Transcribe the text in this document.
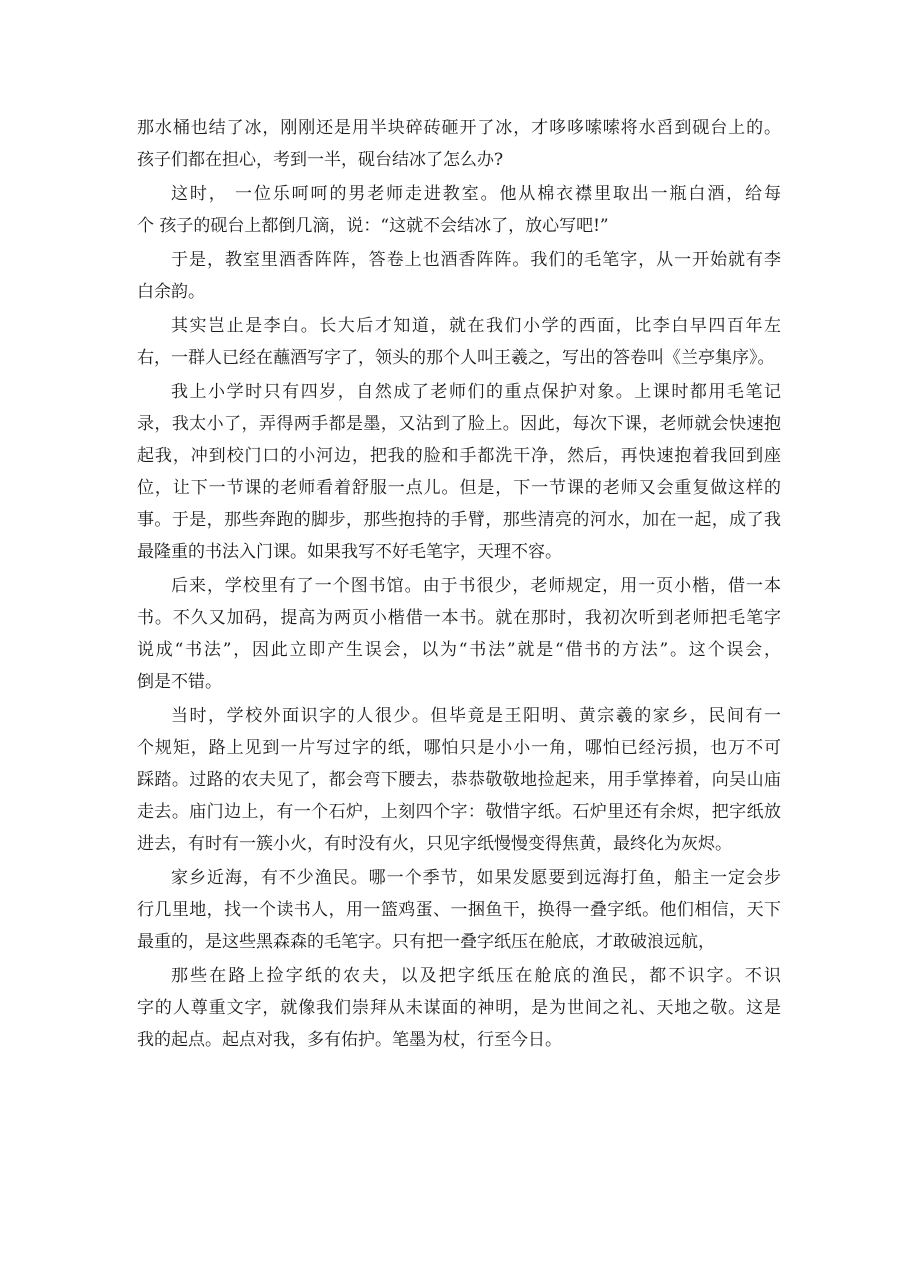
那水桶也结了冰，刚刚还是用半块碎砖砸开了冰，才哆哆嗦嗦将水舀到砚台上的。
孩子们都在担心，考到一半，砚台结冰了怎么办?
这时， 一位乐呵呵的男老师走进教室。他从棉衣襟里取出一瓶白酒，给每
个 孩子的砚台上都倒几滴，说：“这就不会结冰了，放心写吧!”
于是，教室里酒香阵阵，答卷上也酒香阵阵。我们的毛笔字，从一开始就有李
白余韵。
其实岂止是李白。长大后才知道，就在我们小学的西面，比李白早四百年左
右，一群人已经在蘸酒写字了，领头的那个人叫王羲之，写出的答卷叫《兰亭集序》。
我上小学时只有四岁，自然成了老师们的重点保护对象。上课时都用毛笔记
录，我太小了，弄得两手都是墨，又沾到了脸上。因此，每次下课，老师就会快速抱
起我，冲到校门口的小河边，把我的脸和手都洗干净，然后，再快速抱着我回到座
位，让下一节课的老师看着舒服一点儿。但是，下一节课的老师又会重复做这样的
事。于是，那些奔跑的脚步，那些抱持的手臂，那些清亮的河水，加在一起，成了我
最隆重的书法入门课。如果我写不好毛笔字，天理不容。
后来，学校里有了一个图书馆。由于书很少，老师规定，用一页小楷，借一本
书。不久又加码，提高为两页小楷借一本书。就在那时，我初次听到老师把毛笔字
说成“书法”，因此立即产生误会，以为“书法”就是“借书的方法”。这个误会，
倒是不错。
当时，学校外面识字的人很少。但毕竟是王阳明、黄宗羲的家乡，民间有一
个规矩，路上见到一片写过字的纸，哪怕只是小小一角，哪怕已经污损，也万不可
踩踏。过路的农夫见了，都会弯下腰去，恭恭敬敬地捡起来，用手掌捧着，向吴山庙
走去。庙门边上，有一个石炉，上刻四个字：敬惜字纸。石炉里还有余烬，把字纸放
进去，有时有一簇小火，有时没有火，只见字纸慢慢变得焦黄，最终化为灰烬。
家乡近海，有不少渔民。哪一个季节，如果发愿要到远海打鱼，船主一定会步
行几里地，找一个读书人，用一篮鸡蛋、一捆鱼干，换得一叠字纸。他们相信，天下
最重的，是这些黑森森的毛笔字。只有把一叠字纸压在舱底，才敢破浪远航，
那些在路上捡字纸的农夫，以及把字纸压在舱底的渔民，都不识字。不识
字的人尊重文字，就像我们崇拜从未谋面的神明，是为世间之礼、天地之敬。这是
我的起点。起点对我，多有佑护。笔墨为杖，行至今日。
